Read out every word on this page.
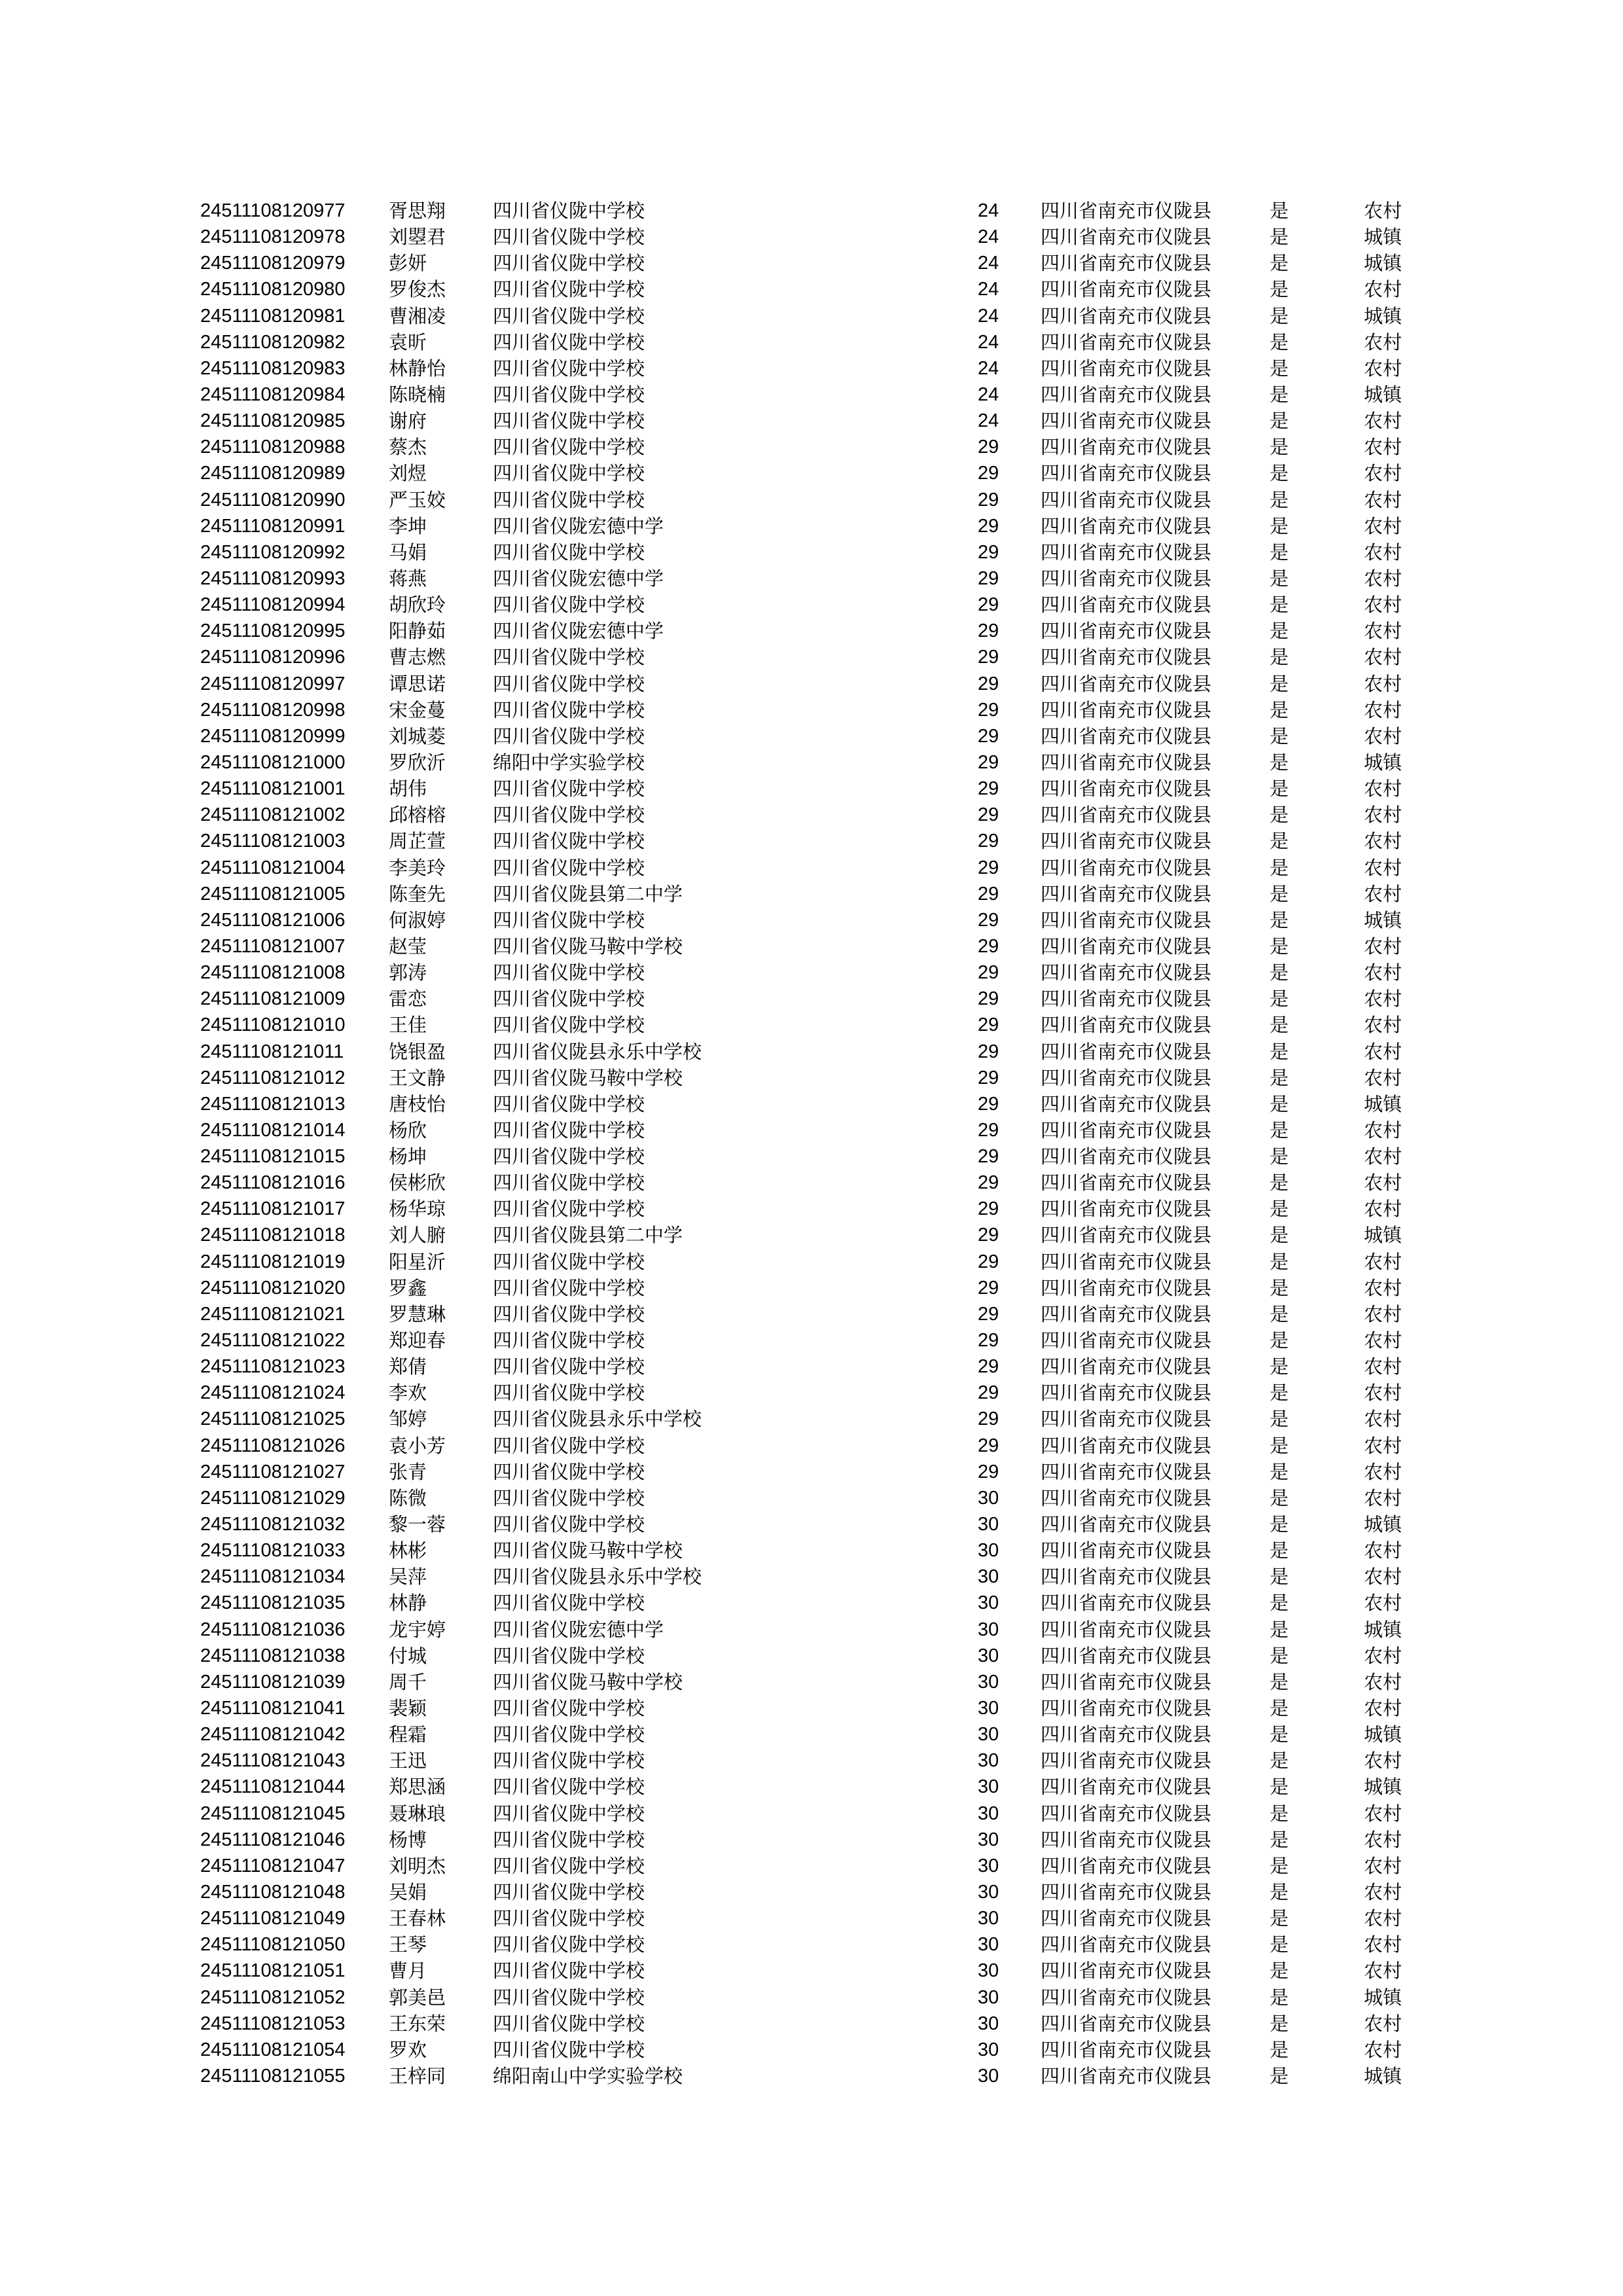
24511108120977 胥思翔 四川省仪陇中学校	24 四川省南充市仪陇县	是	农村
24511108120978 刘曌君 四川省仪陇中学校	24 四川省南充市仪陇县	是	城镇
24511108120979 彭妍	四川省仪陇中学校	24 四川省南充市仪陇县	是	城镇
24511108120980 罗俊杰 四川省仪陇中学校	24 四川省南充市仪陇县	是	农村
24511108120981 曹湘凌 四川省仪陇中学校	24 四川省南充市仪陇县	是	城镇
24511108120982 袁昕	四川省仪陇中学校	24 四川省南充市仪陇县	是	农村
24511108120983 林静怡 四川省仪陇中学校	24 四川省南充市仪陇县	是	农村
24511108120984 陈晓楠 四川省仪陇中学校	24 四川省南充市仪陇县	是	城镇
24511108120985 谢府	四川省仪陇中学校	24 四川省南充市仪陇县	是	农村
24511108120988 蔡杰	四川省仪陇中学校	29 四川省南充市仪陇县	是	农村
24511108120989 刘煜	四川省仪陇中学校	29 四川省南充市仪陇县	是	农村
24511108120990 严玉姣 四川省仪陇中学校	29 四川省南充市仪陇县	是	农村
24511108120991 李坤	四川省仪陇宏德中学	29 四川省南充市仪陇县	是	农村
24511108120992 马娟	四川省仪陇中学校	29 四川省南充市仪陇县	是	农村
24511108120993 蒋燕	四川省仪陇宏德中学	29 四川省南充市仪陇县	是	农村
24511108120994 胡欣玲 四川省仪陇中学校	29 四川省南充市仪陇县	是	农村
24511108120995 阳静茹 四川省仪陇宏德中学	29 四川省南充市仪陇县	是	农村
24511108120996 曹志燃 四川省仪陇中学校	29 四川省南充市仪陇县	是	农村
24511108120997 谭思诺 四川省仪陇中学校	29 四川省南充市仪陇县	是	农村
24511108120998 宋金蔓 四川省仪陇中学校	29 四川省南充市仪陇县	是	农村
24511108120999 刘城菱 四川省仪陇中学校	29 四川省南充市仪陇县	是	农村
24511108121000 罗欣沂 绵阳中学实验学校	29 四川省南充市仪陇县	是	城镇
24511108121001 胡伟	四川省仪陇中学校	29 四川省南充市仪陇县	是	农村
24511108121002 邱榕榕 四川省仪陇中学校	29 四川省南充市仪陇县	是	农村
24511108121003 周芷萱 四川省仪陇中学校	29 四川省南充市仪陇县	是	农村
24511108121004 李美玲 四川省仪陇中学校	29 四川省南充市仪陇县	是	农村
24511108121005 陈奎先 四川省仪陇县第二中学	29 四川省南充市仪陇县	是	农村
24511108121006 何淑婷 四川省仪陇中学校	29 四川省南充市仪陇县	是	城镇
24511108121007 赵莹	四川省仪陇马鞍中学校	29 四川省南充市仪陇县	是	农村
24511108121008 郭涛	四川省仪陇中学校	29 四川省南充市仪陇县	是	农村
24511108121009 雷恋	四川省仪陇中学校	29 四川省南充市仪陇县	是	农村
24511108121010 王佳	四川省仪陇中学校	29 四川省南充市仪陇县	是	农村
24511108121011 饶银盈 四川省仪陇县永乐中学校	29 四川省南充市仪陇县	是	农村
24511108121012 王文静 四川省仪陇马鞍中学校	29 四川省南充市仪陇县	是	农村
24511108121013 唐枝怡 四川省仪陇中学校	29 四川省南充市仪陇县	是	城镇
24511108121014 杨欣	四川省仪陇中学校	29 四川省南充市仪陇县	是	农村
24511108121015 杨坤	四川省仪陇中学校	29 四川省南充市仪陇县	是	农村
24511108121016 侯彬欣 四川省仪陇中学校	29 四川省南充市仪陇县	是	农村
24511108121017 杨华琼 四川省仪陇中学校	29 四川省南充市仪陇县	是	农村
24511108121018 刘人腑 四川省仪陇县第二中学	29 四川省南充市仪陇县	是	城镇
24511108121019 阳星沂 四川省仪陇中学校	29 四川省南充市仪陇县	是	农村
24511108121020 罗鑫	四川省仪陇中学校	29 四川省南充市仪陇县	是	农村
24511108121021 罗慧琳 四川省仪陇中学校	29 四川省南充市仪陇县	是	农村
24511108121022 郑迎春 四川省仪陇中学校	29 四川省南充市仪陇县	是	农村
24511108121023 郑倩	四川省仪陇中学校	29 四川省南充市仪陇县	是	农村
24511108121024 李欢	四川省仪陇中学校	29 四川省南充市仪陇县	是	农村
24511108121025 邹婷	四川省仪陇县永乐中学校	29 四川省南充市仪陇县	是	农村
24511108121026 袁小芳 四川省仪陇中学校	29 四川省南充市仪陇县	是	农村
24511108121027 张青	四川省仪陇中学校	29 四川省南充市仪陇县	是	农村
24511108121029 陈微	四川省仪陇中学校	30 四川省南充市仪陇县	是	农村
24511108121032 黎一蓉 四川省仪陇中学校	30 四川省南充市仪陇县	是	城镇
24511108121033 林彬	四川省仪陇马鞍中学校	30 四川省南充市仪陇县	是	农村
24511108121034 吴萍	四川省仪陇县永乐中学校	30 四川省南充市仪陇县	是	农村
24511108121035 林静	四川省仪陇中学校	30 四川省南充市仪陇县	是	农村
24511108121036 龙宇婷 四川省仪陇宏德中学	30 四川省南充市仪陇县	是	城镇
24511108121038 付城	四川省仪陇中学校	30 四川省南充市仪陇县	是	农村
24511108121039 周千	四川省仪陇马鞍中学校	30 四川省南充市仪陇县	是	农村
24511108121041 裴颖	四川省仪陇中学校	30 四川省南充市仪陇县	是	农村
24511108121042 程霜	四川省仪陇中学校	30 四川省南充市仪陇县	是	城镇
24511108121043 王迅	四川省仪陇中学校	30 四川省南充市仪陇县	是	农村
24511108121044 郑思涵 四川省仪陇中学校	30 四川省南充市仪陇县	是	城镇
24511108121045 聂琳琅 四川省仪陇中学校	30 四川省南充市仪陇县	是	农村
24511108121046 杨博	四川省仪陇中学校	30 四川省南充市仪陇县	是	农村
24511108121047 刘明杰 四川省仪陇中学校	30 四川省南充市仪陇县	是	农村
24511108121048 吴娟	四川省仪陇中学校	30 四川省南充市仪陇县	是	农村
24511108121049 王春林 四川省仪陇中学校	30 四川省南充市仪陇县	是	农村
24511108121050 王琴	四川省仪陇中学校	30 四川省南充市仪陇县	是	农村
24511108121051 曹月	四川省仪陇中学校	30 四川省南充市仪陇县	是	农村
24511108121052 郭美邑 四川省仪陇中学校	30 四川省南充市仪陇县	是	城镇
24511108121053 王东荣 四川省仪陇中学校	30 四川省南充市仪陇县	是	农村
24511108121054 罗欢	四川省仪陇中学校	30 四川省南充市仪陇县	是	农村
24511108121055 王梓同 绵阳南山中学实验学校	30 四川省南充市仪陇县	是	城镇
